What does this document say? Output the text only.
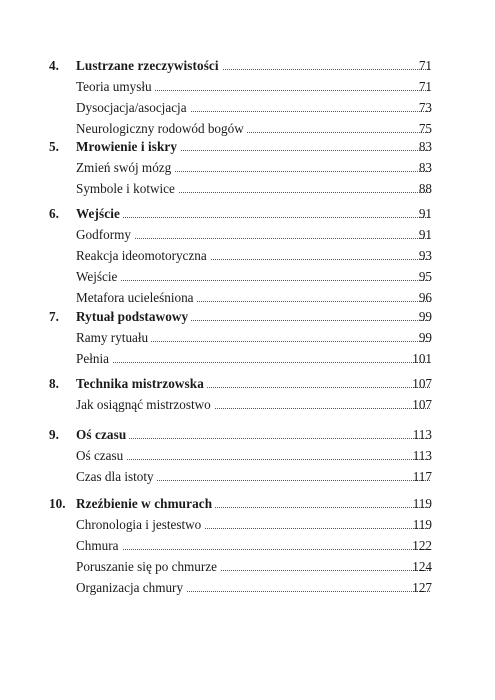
4. Lustrzane rzeczywistości	71
Teoria umysłu	71
Dysocjacja/asocjacja	73
Neurologiczny rodowód bogów	75
5. Mrowienie i iskry	83
Zmień swój mózg	83
Symbole i kotwice	88
6. Wejście	91
Godformy	91
Reakcja ideomotoryczna	93
Wejście	95
Metafora ucieleśniona	96
7. Rytuał podstawowy	99
Ramy rytuału	99
Pełnia	101
8. Technika mistrzowska	107
Jak osiągnąć mistrzostwo	107
9. Oś czasu	113
Oś czasu	113
Czas dla istoty	117
10. Rzeźbienie w chmurach	119
Chronologia i jestestwo	119
Chmura	122
Poruszanie się po chmurze	124
Organizacja chmury	127
